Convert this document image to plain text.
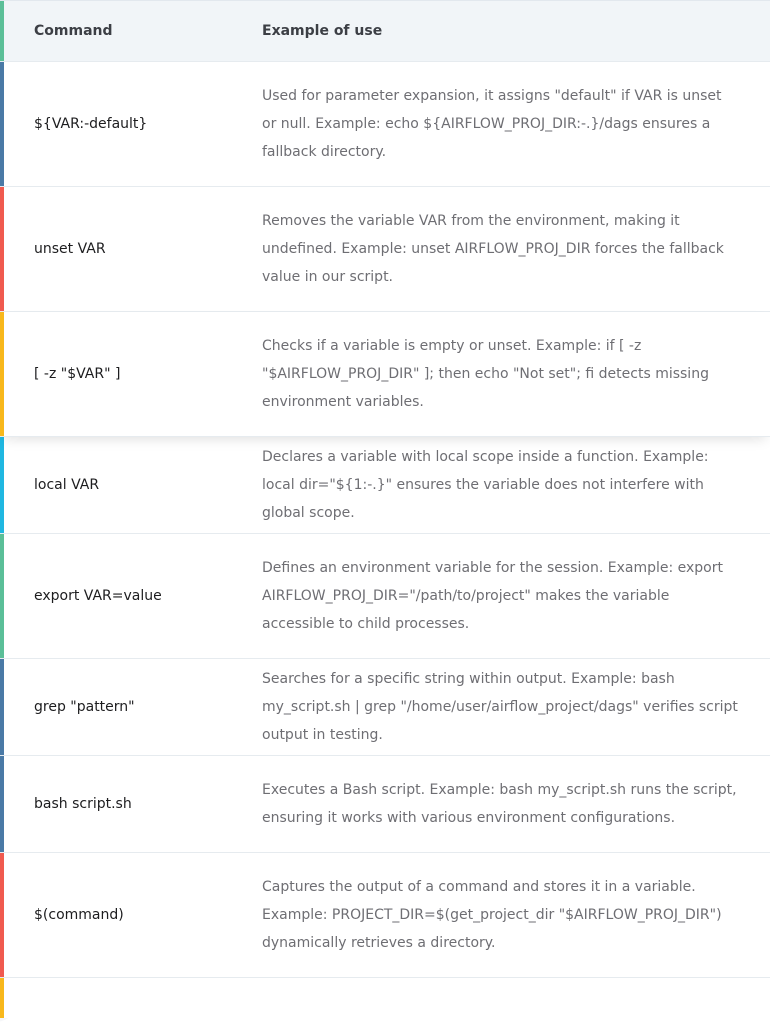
Command	Example of use
${VAR:-default}
Used for parameter expansion, it assigns "default" if VAR is unset or null. Example: echo ${AIRFLOW_PROJ_DIR:-.}/dags ensures a fallback directory.
unset VAR
Removes the variable VAR from the environment, making it undefined. Example: unset AIRFLOW_PROJ_DIR forces the fallback value in our script.
[ -z "$VAR" ]
Checks if a variable is empty or unset. Example: if [ -z "$AIRFLOW_PROJ_DIR" ]; then echo "Not set"; fi detects missing environment variables.
local VAR
Declares a variable with local scope inside a function. Example: local dir="${1:-.}" ensures the variable does not interfere with global scope.
export VAR=value
Defines an environment variable for the session. Example: export AIRFLOW_PROJ_DIR="/path/to/project" makes the variable accessible to child processes.
grep "pattern"
Searches for a specific string within output. Example: bash my_script.sh | grep "/home/user/airflow_project/dags" verifies script output in testing.
bash script.sh
Executes a Bash script. Example: bash my_script.sh runs the script, ensuring it works with various environment configurations.
$(command)
Captures the output of a command and stores it in a variable. Example: PROJECT_DIR=$(get_project_dir "$AIRFLOW_PROJ_DIR") dynamically retrieves a directory.
